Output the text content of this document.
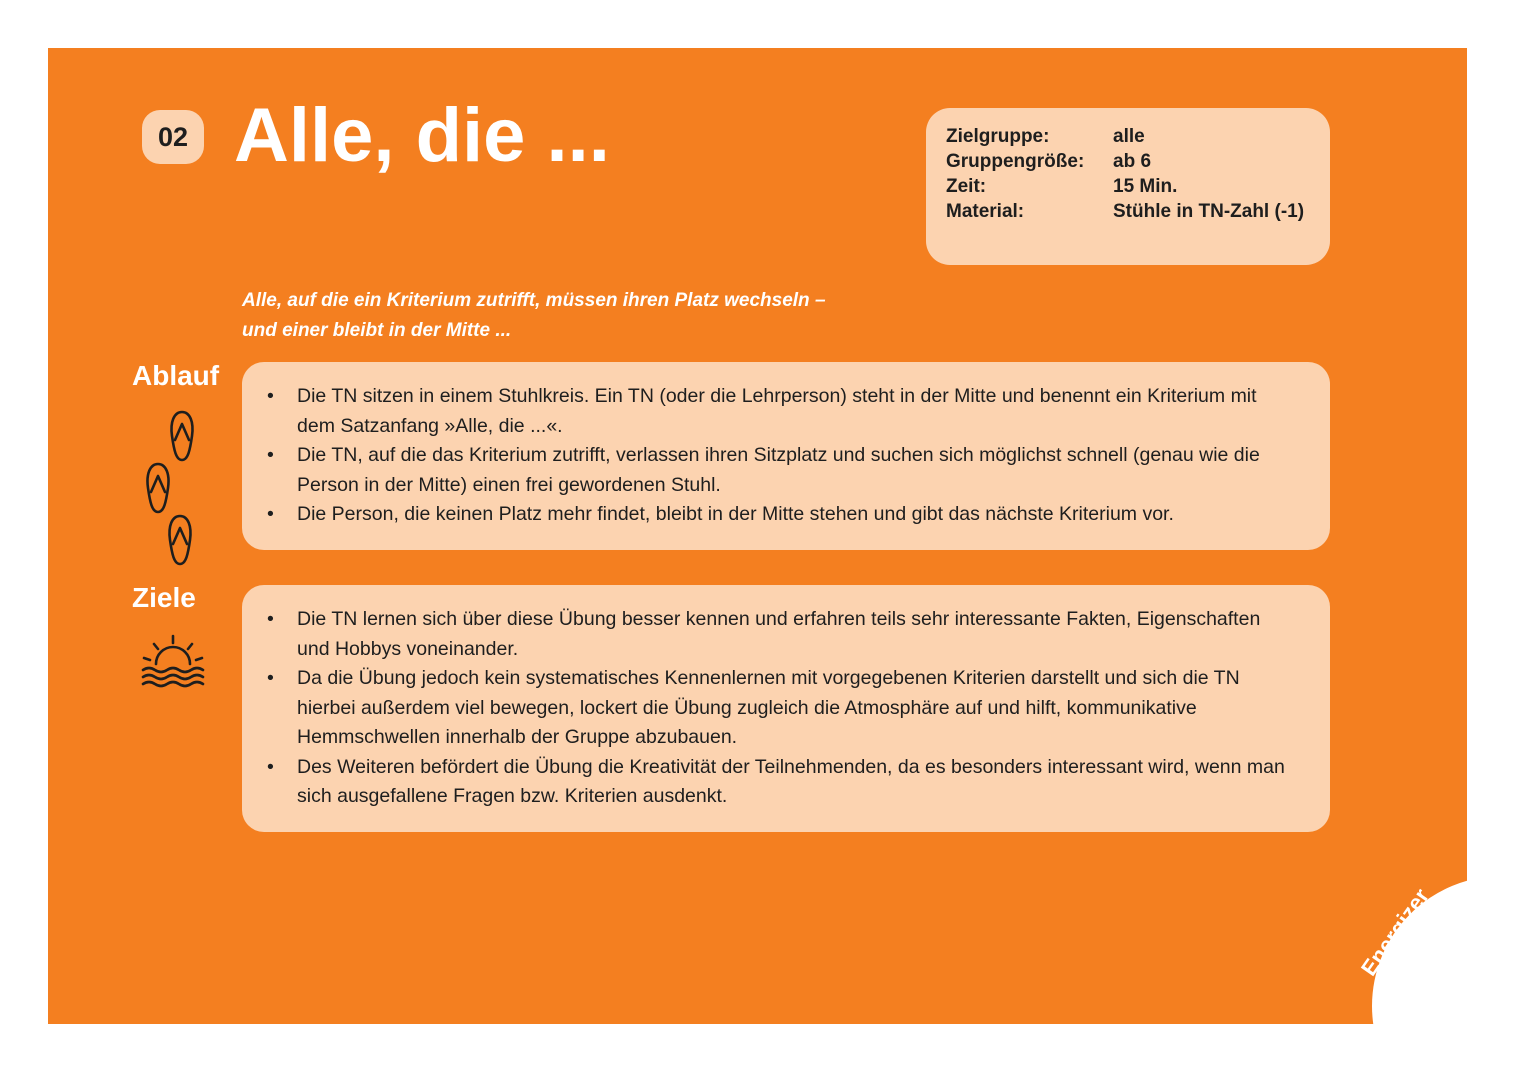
02 Alle, die ...	Zielgruppe:	alle
Gruppengröße:	ab 6
Zeit:	15 Min.
Material:	Stühle in TN-Zahl (-1)
Alle, auf die ein Kriterium zutrifft, müssen ihren Platz wechseln –
und einer bleibt in der Mitte ...
Ablauf
• Die TN sitzen in einem Stuhlkreis. Ein TN (oder die Lehrperson) steht in der Mitte und benennt ein Kriterium mit dem Satzanfang »Alle, die ...«.
• Die TN, auf die das Kriterium zutrifft, verlassen ihren Sitzplatz und suchen sich möglichst schnell (genau wie die Person in der Mitte) einen frei gewordenen Stuhl.
• Die Person, die keinen Platz mehr findet, bleibt in der Mitte stehen und gibt das nächste Kriterium vor.
Ziele
• Die TN lernen sich über diese Übung besser kennen und erfahren teils sehr interessante Fakten, Eigenschaften und Hobbys voneinander.
• Da die Übung jedoch kein systematisches Kennenlernen mit vorgegebenen Kriterien darstellt und sich die TN hierbei außerdem viel bewegen, lockert die Übung zugleich die Atmosphäre auf und hilft, kommunikative Hemmschwellen innerhalb der Gruppe abzubauen.
• Des Weiteren befördert die Übung die Kreativität der Teilnehmenden, da es besonders interessant wird, wenn man sich ausgefallene Fragen bzw. Kriterien ausdenkt.
Energizer
